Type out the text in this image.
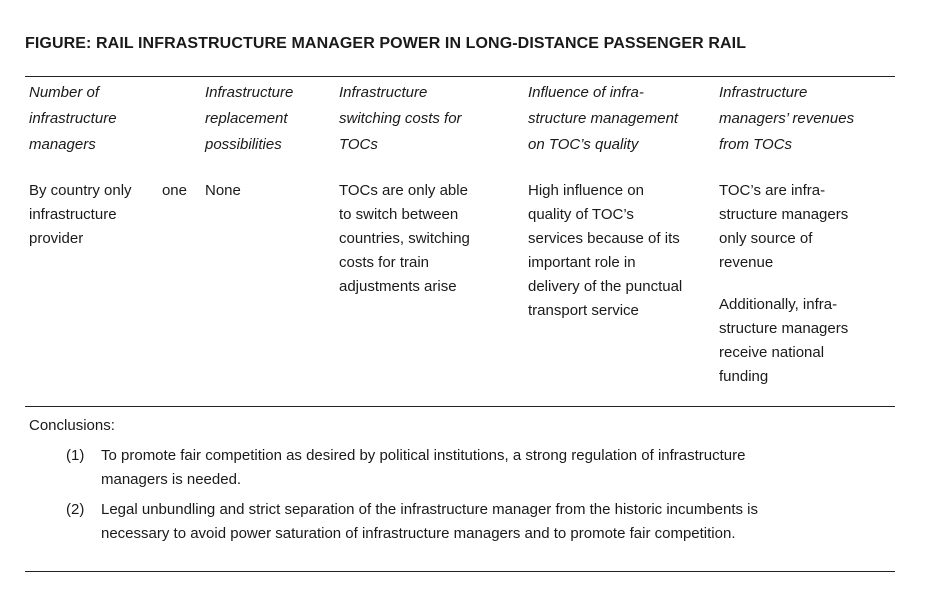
FIGURE: RAIL INFRASTRUCTURE MANAGER POWER IN LONG-DISTANCE PASSENGER RAIL
Number of
infrastructure
managers
Infrastructure
replacement
possibilities
Infrastructure
switching costs for
TOCs
Influence of infra-
structure management
on TOC’s quality
Infrastructure
managers’ revenues
from TOCs
By country only one
infrastructure
provider
None	TOCs are only able
to switch between
countries, switching
costs for train
adjustments arise
High influence on
quality of TOC’s
services because of its
important role in
delivery of the punctual
transport service
TOC’s are infra-
structure managers
only source of
revenue
Additionally, infra-
structure managers
receive national
funding
Conclusions:
(1) To promote fair competition as desired by political institutions, a strong regulation of infrastructure
managers is needed.
(2) Legal unbundling and strict separation of the infrastructure manager from the historic incumbents is
necessary to avoid power saturation of infrastructure managers and to promote fair competition.
